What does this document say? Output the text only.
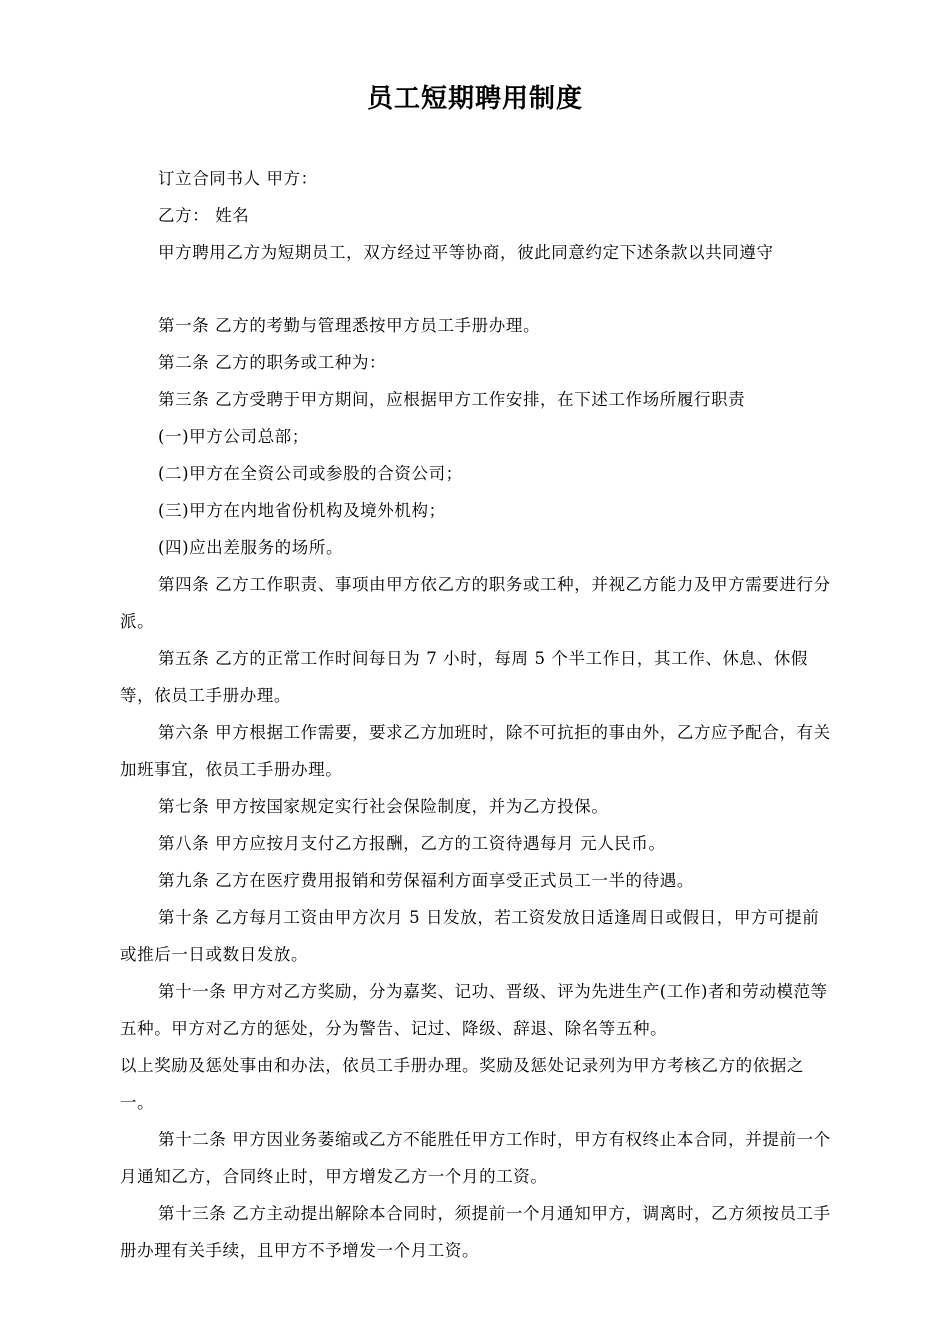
员工短期聘用制度

订立合同书人 甲方：

乙方： 姓名

甲方聘用乙方为短期员工，双方经过平等协商，彼此同意约定下述条款以共同遵守

第一条 乙方的考勤与管理悉按甲方员工手册办理。

第二条 乙方的职务或工种为：

第三条 乙方受聘于甲方期间，应根据甲方工作安排，在下述工作场所履行职责

(一)甲方公司总部；

(二)甲方在全资公司或参股的合资公司；

(三)甲方在内地省份机构及境外机构；

(四)应出差服务的场所。

第四条 乙方工作职责、事项由甲方依乙方的职务或工种，并视乙方能力及甲方需要进行分派。

第五条 乙方的正常工作时间每日为 7 小时，每周 5 个半工作日，其工作、休息、休假等，依员工手册办理。

第六条 甲方根据工作需要，要求乙方加班时，除不可抗拒的事由外，乙方应予配合，有关加班事宜，依员工手册办理。

第七条 甲方按国家规定实行社会保险制度，并为乙方投保。

第八条 甲方应按月支付乙方报酬，乙方的工资待遇每月 元人民币。

第九条 乙方在医疗费用报销和劳保福利方面享受正式员工一半的待遇。

第十条 乙方每月工资由甲方次月 5 日发放，若工资发放日适逢周日或假日，甲方可提前或推后一日或数日发放。

第十一条 甲方对乙方奖励，分为嘉奖、记功、晋级、评为先进生产(工作)者和劳动模范等五种。甲方对乙方的惩处，分为警告、记过、降级、辞退、除名等五种。

以上奖励及惩处事由和办法，依员工手册办理。奖励及惩处记录列为甲方考核乙方的依据之一。

第十二条 甲方因业务萎缩或乙方不能胜任甲方工作时，甲方有权终止本合同，并提前一个月通知乙方，合同终止时，甲方增发乙方一个月的工资。

第十三条 乙方主动提出解除本合同时，须提前一个月通知甲方，调离时，乙方须按员工手册办理有关手续，且甲方不予增发一个月工资。
